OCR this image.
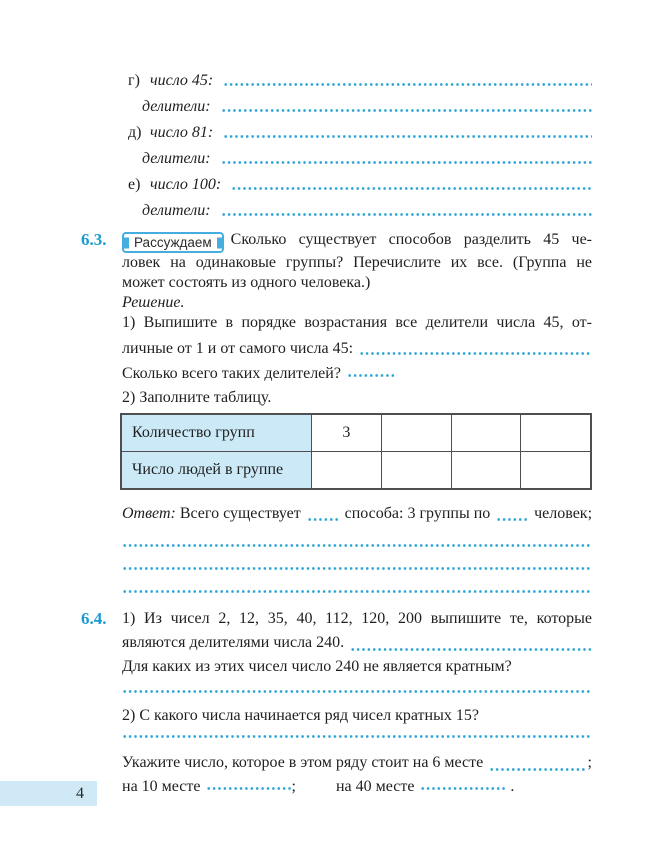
г) число 45:
делители:
д) число 81:
делители:
е) число 100:
делители:
6.3.	Рассуждаем Сколько существует способов разделить 45 че-
ловек на одинаковые группы? Перечислите их все. (Группа не
может состоять из одного человека.)
Решение.
1) Выпишите в порядке возрастания все делители числа 45, от-
личные от 1 и от самого числа 45:
Сколько всего таких делителей?
2) Заполните таблицу.
Количество групп	3			
Число людей в группе				
Ответ:
Всего существует	способа: 3 группы по	человек;
6.4. 1) Из чисел 2, 12, 35, 40, 112, 120, 200 выпишите те, которые
являются делителями числа 240.
Для каких из этих чисел число 240 не является кратным?
2) С какого числа начинается ряд чисел кратных 15?
Укажите число, которое в этом ряду стоит на 6 месте	;
на 10 месте	;	на 40 месте	.
4
